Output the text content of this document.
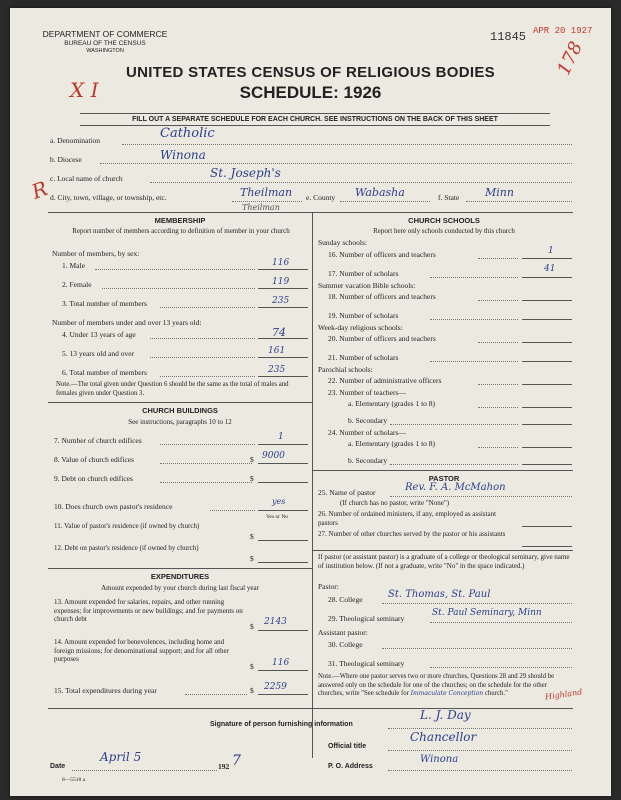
DEPARTMENT OF COMMERCE
BUREAU OF THE CENSUS
WASHINGTON
11845 APR 20 1927
178
X I
R
UNITED STATES CENSUS OF RELIGIOUS BODIES
SCHEDULE: 1926
FILL OUT A SEPARATE SCHEDULE FOR EACH CHURCH. SEE INSTRUCTIONS ON THE BACK OF THIS SHEET
a. Denomination	Catholic
b. Diocese	Winona
c. Local name of church	St. Joseph's
d. City, town, village, or township, etc.	Theilman
Theilman
e. County Wabasha	f. State Minn
MEMBERSHIP
Report number of members according to definition of member in your church
Number of members, by sex:
1. Male	116
2. Female	119
3. Total number of members	235
Number of members under and over 13 years old:
4. Under 13 years of age	74
5. 13 years old and over	161
6. Total number of members	235
Note.—The total given under Question 6 should be the same as the total of males and females given under Question 3.
CHURCH BUILDINGS
See instructions, paragraphs 10 to 12
7. Number of church edifices	1
8. Value of church edifices	$ 9000
9. Debt on church edifices	$
10. Does church own pastor's residence
yes
Yes or No
11. Value of pastor's residence (if owned by church)
$
12. Debt on pastor's residence (if owned by church)
$
EXPENDITURES
Amount expended by your church during last fiscal year
13. Amount expended for salaries, repairs, and other running expenses; for improvements or new buildings; and for payments on church debt
$ 2143
14. Amount expended for benevolences, including home and foreign missions; for denominational support; and for all other purposes
$ 116
15. Total expenditures during year	$ 2259
CHURCH SCHOOLS
Report here only schools conducted by this church
Sunday schools:
16. Number of officers and teachers	1
17. Number of scholars	41
Summer vacation Bible schools:
18. Number of officers and teachers
19. Number of scholars
Week-day religious schools:
20. Number of officers and teachers
21. Number of scholars
Parochial schools:
22. Number of administrative officers
23. Number of teachers—
a. Elementary (grades 1 to 8)
b. Secondary
24. Number of scholars—
a. Elementary (grades 1 to 8)
b. Secondary
PASTOR
25. Name of pastor	Rev. F. A. McMahon
(If church has no pastor, write "None")
26. Number of ordained ministers, if any, employed as assistant pastors
27. Number of other churches served by the pastor or his assistants
If pastor (or assistant pastor) is a graduate of a college or theological seminary, give name of institution below. (If not a graduate, write "No" in the space indicated.)
Pastor:
28. College	St. Thomas, St. Paul
29. Theological seminary
St. Paul Seminary, Minn
Assistant pastor:
30. College
31. Theological seminary
Note.—Where one pastor serves two or more churches, Questions 28 and 29 should be answered only on the schedule for one of the churches; on the schedule for the other churches, write "See schedule for Immaculate Conception church."	Highland
Signature of person furnishing information
L. J. Day
Official title
Chancellor
Date
April 5
192 7	P. O. Address
Winona
8—5518 a
